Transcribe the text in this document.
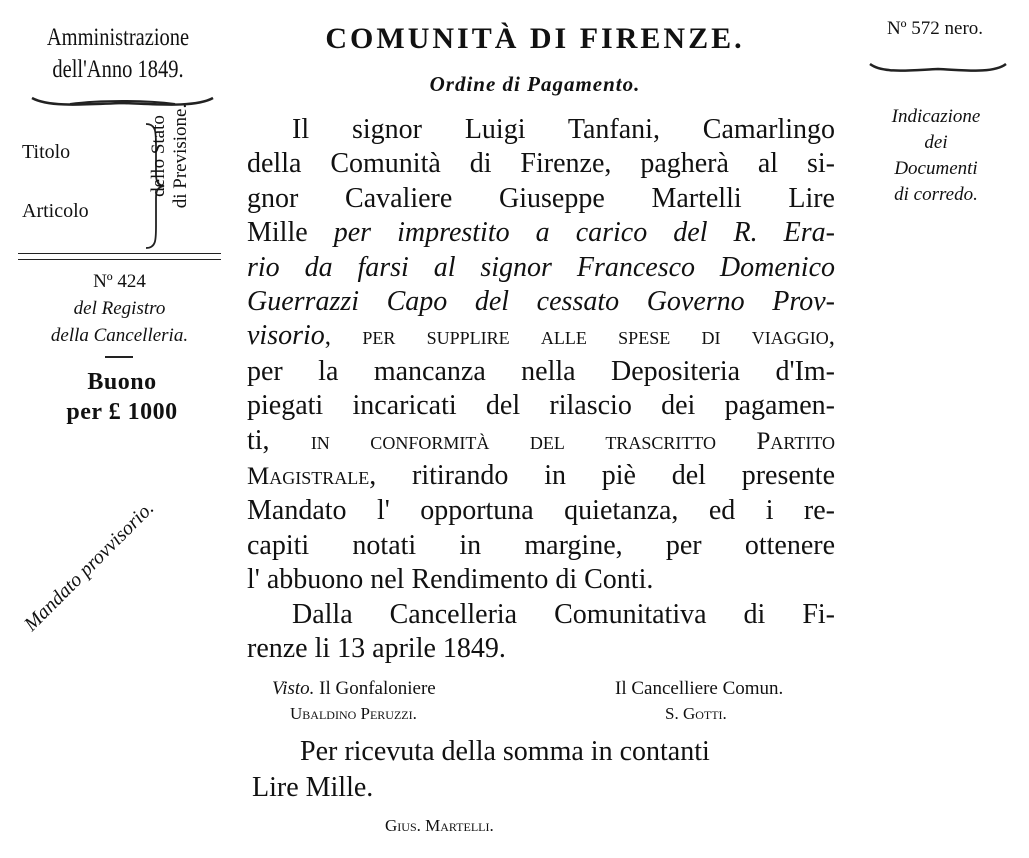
Amministrazione
dell'Anno 1849.
Titolo
Articolo
dello Stato di Previsione.
Nº 424
del Registro
della Cancelleria.
Buono
per £ 1000
Mandato provvisorio.
Nº 572 nero.
Indicazione
dei
Documenti
di corredo.
COMUNITÀ DI FIRENZE.
Ordine di Pagamento.
Il signor Luigi Tanfani, Camarlingo
della Comunità di Firenze, pagherà al si-
gnor Cavaliere Giuseppe Martelli Lire
Mille per imprestito a carico del R. Era-
rio da farsi al signor Francesco Domenico
Guerrazzi Capo del cessato Governo Prov-
visorio, per supplire alle spese di viaggio,
per la mancanza nella Depositeria d'Im-
piegati incaricati del rilascio dei pagamen-
ti, in conformità del trascritto Partito
Magistrale, ritirando in piè del presente
Mandato l' opportuna quietanza, ed i re-
capiti notati in margine, per ottenere
l' abbuono nel Rendimento di Conti.
Dalla Cancelleria Comunitativa di Fi-
renze li 13 aprile 1849.
Visto. Il Gonfaloniere
Ubaldino Peruzzi.
Il Cancelliere Comun.
S. Gotti.
Per ricevuta della somma in contanti
Lire Mille.
Gius. Martelli.
